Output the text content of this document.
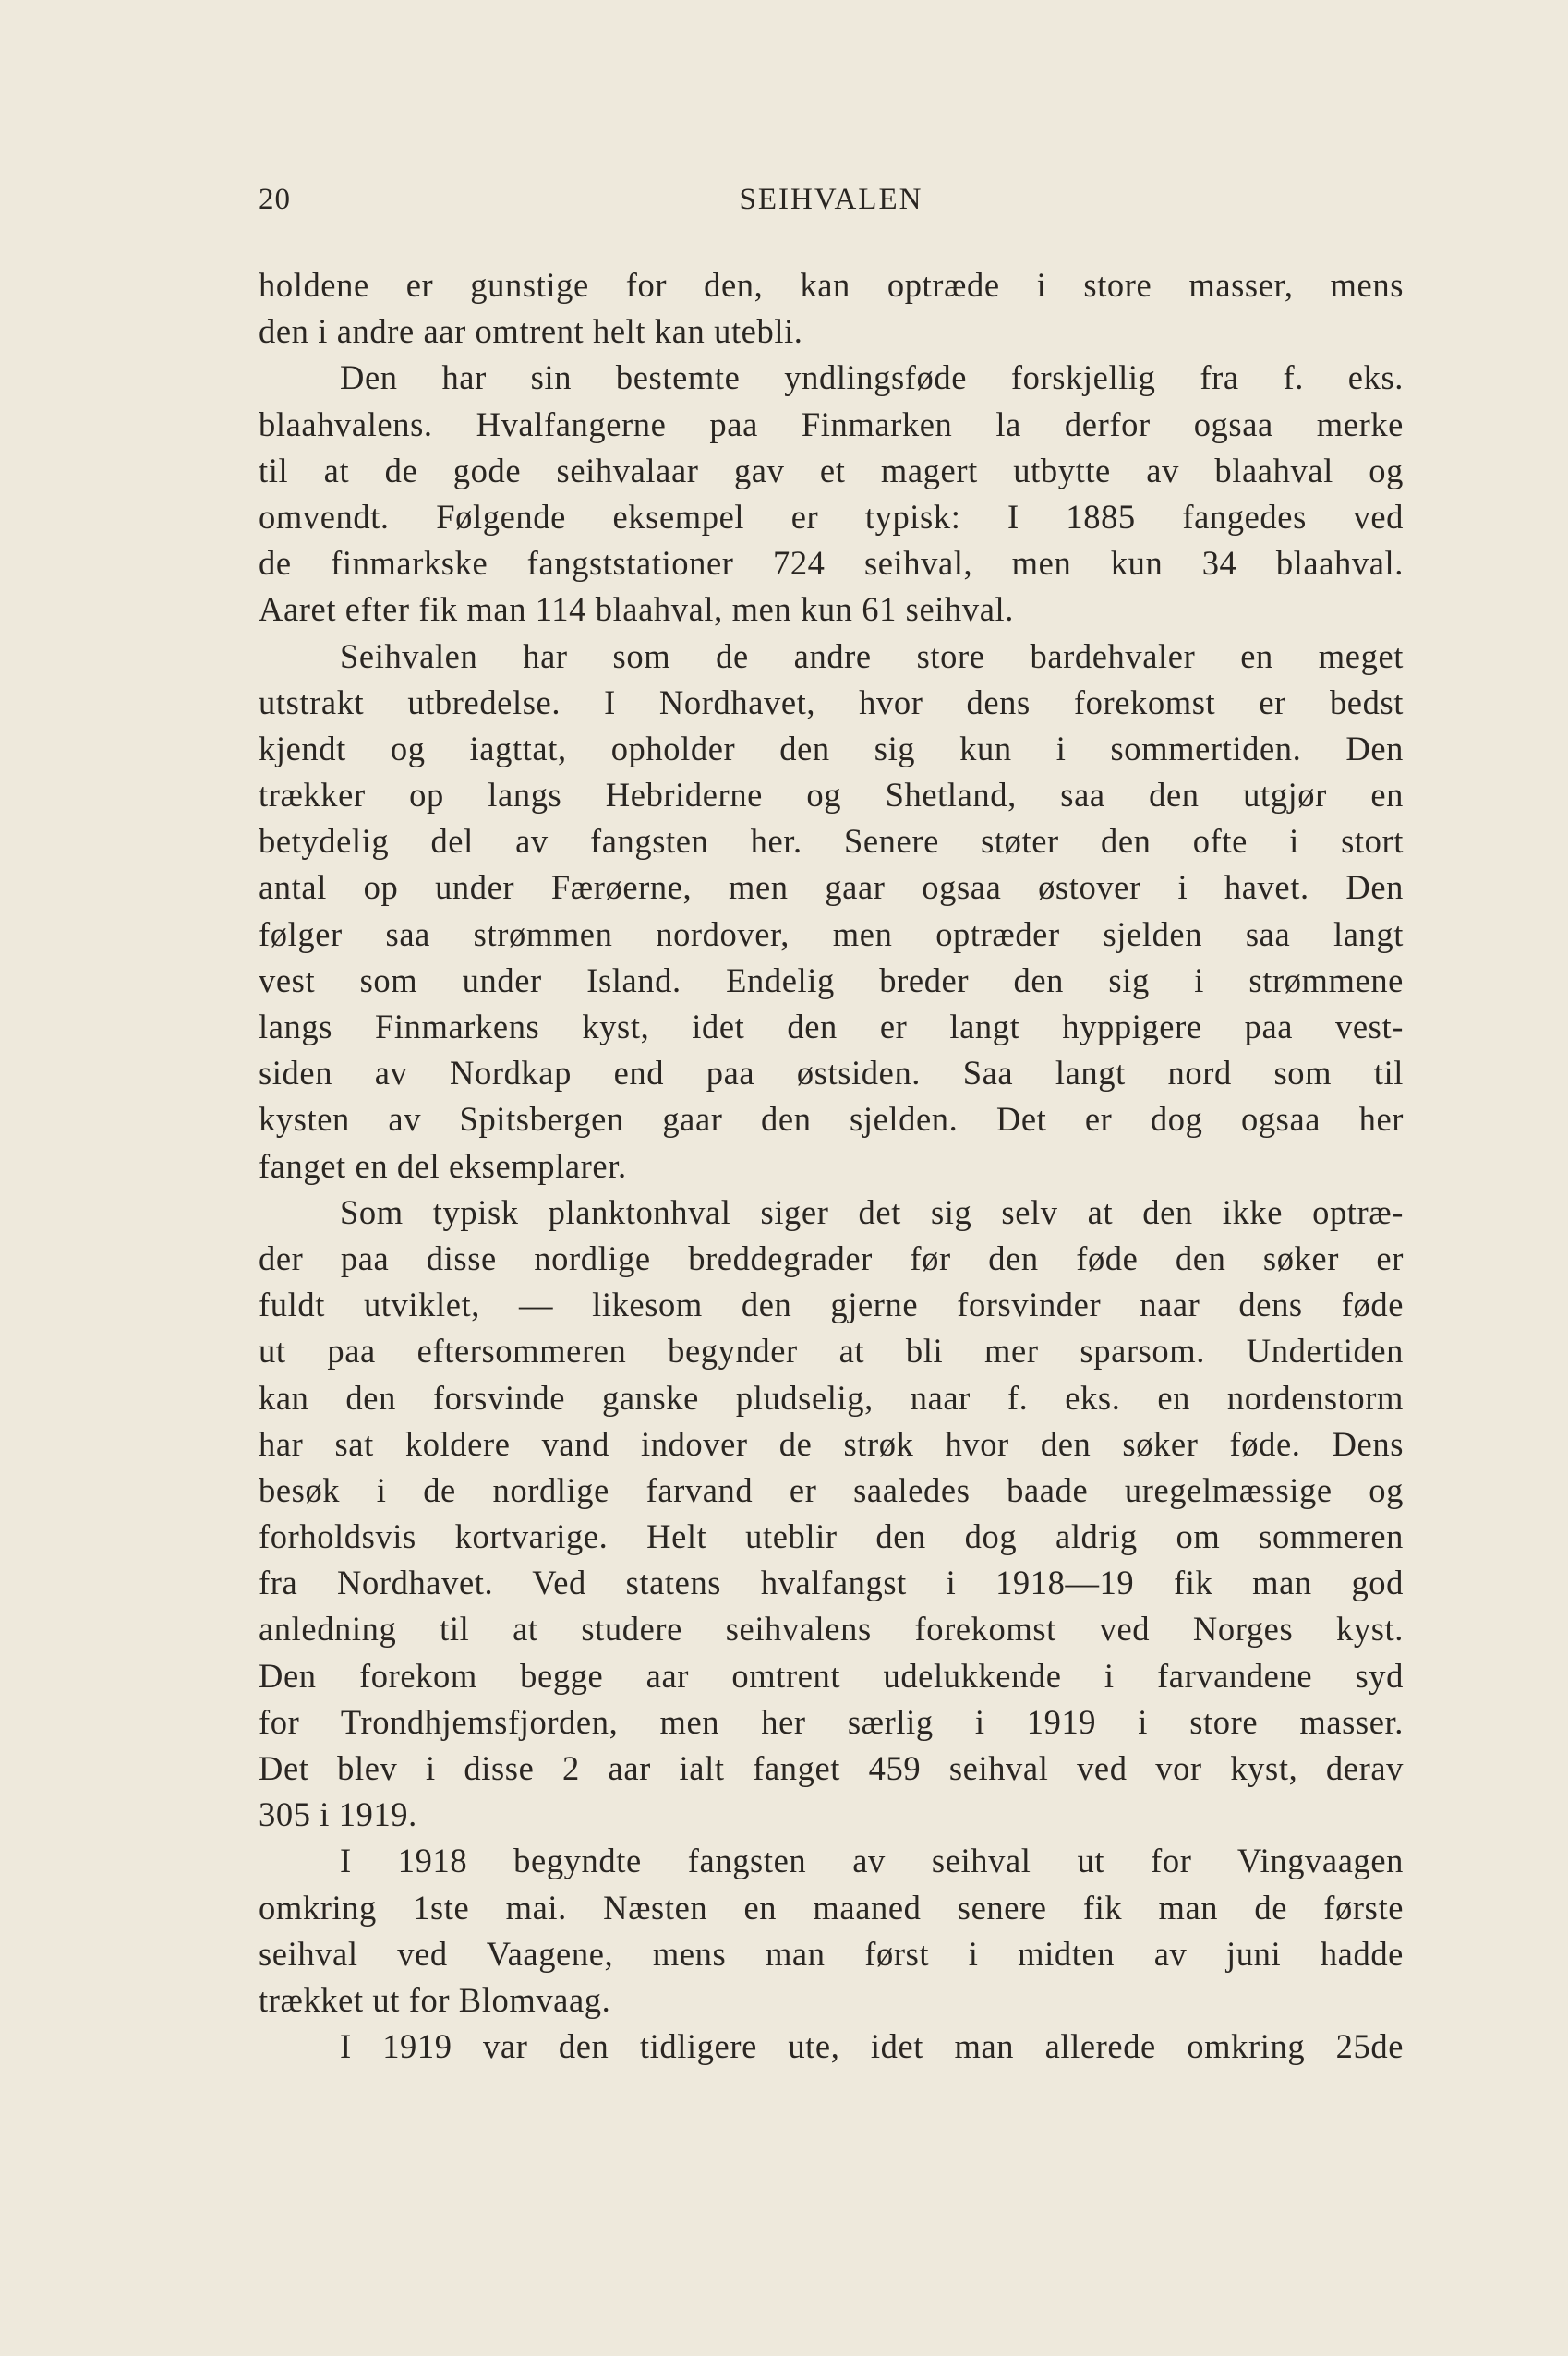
20	SEIHVALEN
holdene er gunstige for den, kan optræde i store masser, mens
den i andre aar omtrent helt kan utebli.
Den har sin bestemte yndlingsføde forskjellig fra f. eks.
blaahvalens. Hvalfangerne paa Finmarken la derfor ogsaa merke
til at de gode seihvalaar gav et magert utbytte av blaahval og
omvendt. Følgende eksempel er typisk: I 1885 fangedes ved
de finmarkske fangststationer 724 seihval, men kun 34 blaahval.
Aaret efter fik man 114 blaahval, men kun 61 seihval.
Seihvalen har som de andre store bardehvaler en meget
utstrakt utbredelse. I Nordhavet, hvor dens forekomst er bedst
kjendt og iagttat, opholder den sig kun i sommertiden. Den
trækker op langs Hebriderne og Shetland, saa den utgjør en
betydelig del av fangsten her. Senere støter den ofte i stort
antal op under Færøerne, men gaar ogsaa østover i havet. Den
følger saa strømmen nordover, men optræder sjelden saa langt
vest som under Island. Endelig breder den sig i strømmene
langs Finmarkens kyst, idet den er langt hyppigere paa vest-
siden av Nordkap end paa østsiden. Saa langt nord som til
kysten av Spitsbergen gaar den sjelden. Det er dog ogsaa her
fanget en del eksemplarer.
Som typisk planktonhval siger det sig selv at den ikke optræ-
der paa disse nordlige breddegrader før den føde den søker er
fuldt utviklet, — likesom den gjerne forsvinder naar dens føde
ut paa eftersommeren begynder at bli mer sparsom. Undertiden
kan den forsvinde ganske pludselig, naar f. eks. en nordenstorm
har sat koldere vand indover de strøk hvor den søker føde. Dens
besøk i de nordlige farvand er saaledes baade uregelmæssige og
forholdsvis kortvarige. Helt uteblir den dog aldrig om sommeren
fra Nordhavet. Ved statens hvalfangst i 1918—19 fik man god
anledning til at studere seihvalens forekomst ved Norges kyst.
Den forekom begge aar omtrent udelukkende i farvandene syd
for Trondhjemsfjorden, men her særlig i 1919 i store masser.
Det blev i disse 2 aar ialt fanget 459 seihval ved vor kyst, derav
305 i 1919.
I 1918 begyndte fangsten av seihval ut for Vingvaagen
omkring 1ste mai. Næsten en maaned senere fik man de første
seihval ved Vaagene, mens man først i midten av juni hadde
trækket ut for Blomvaag.
I 1919 var den tidligere ute, idet man allerede omkring 25de
